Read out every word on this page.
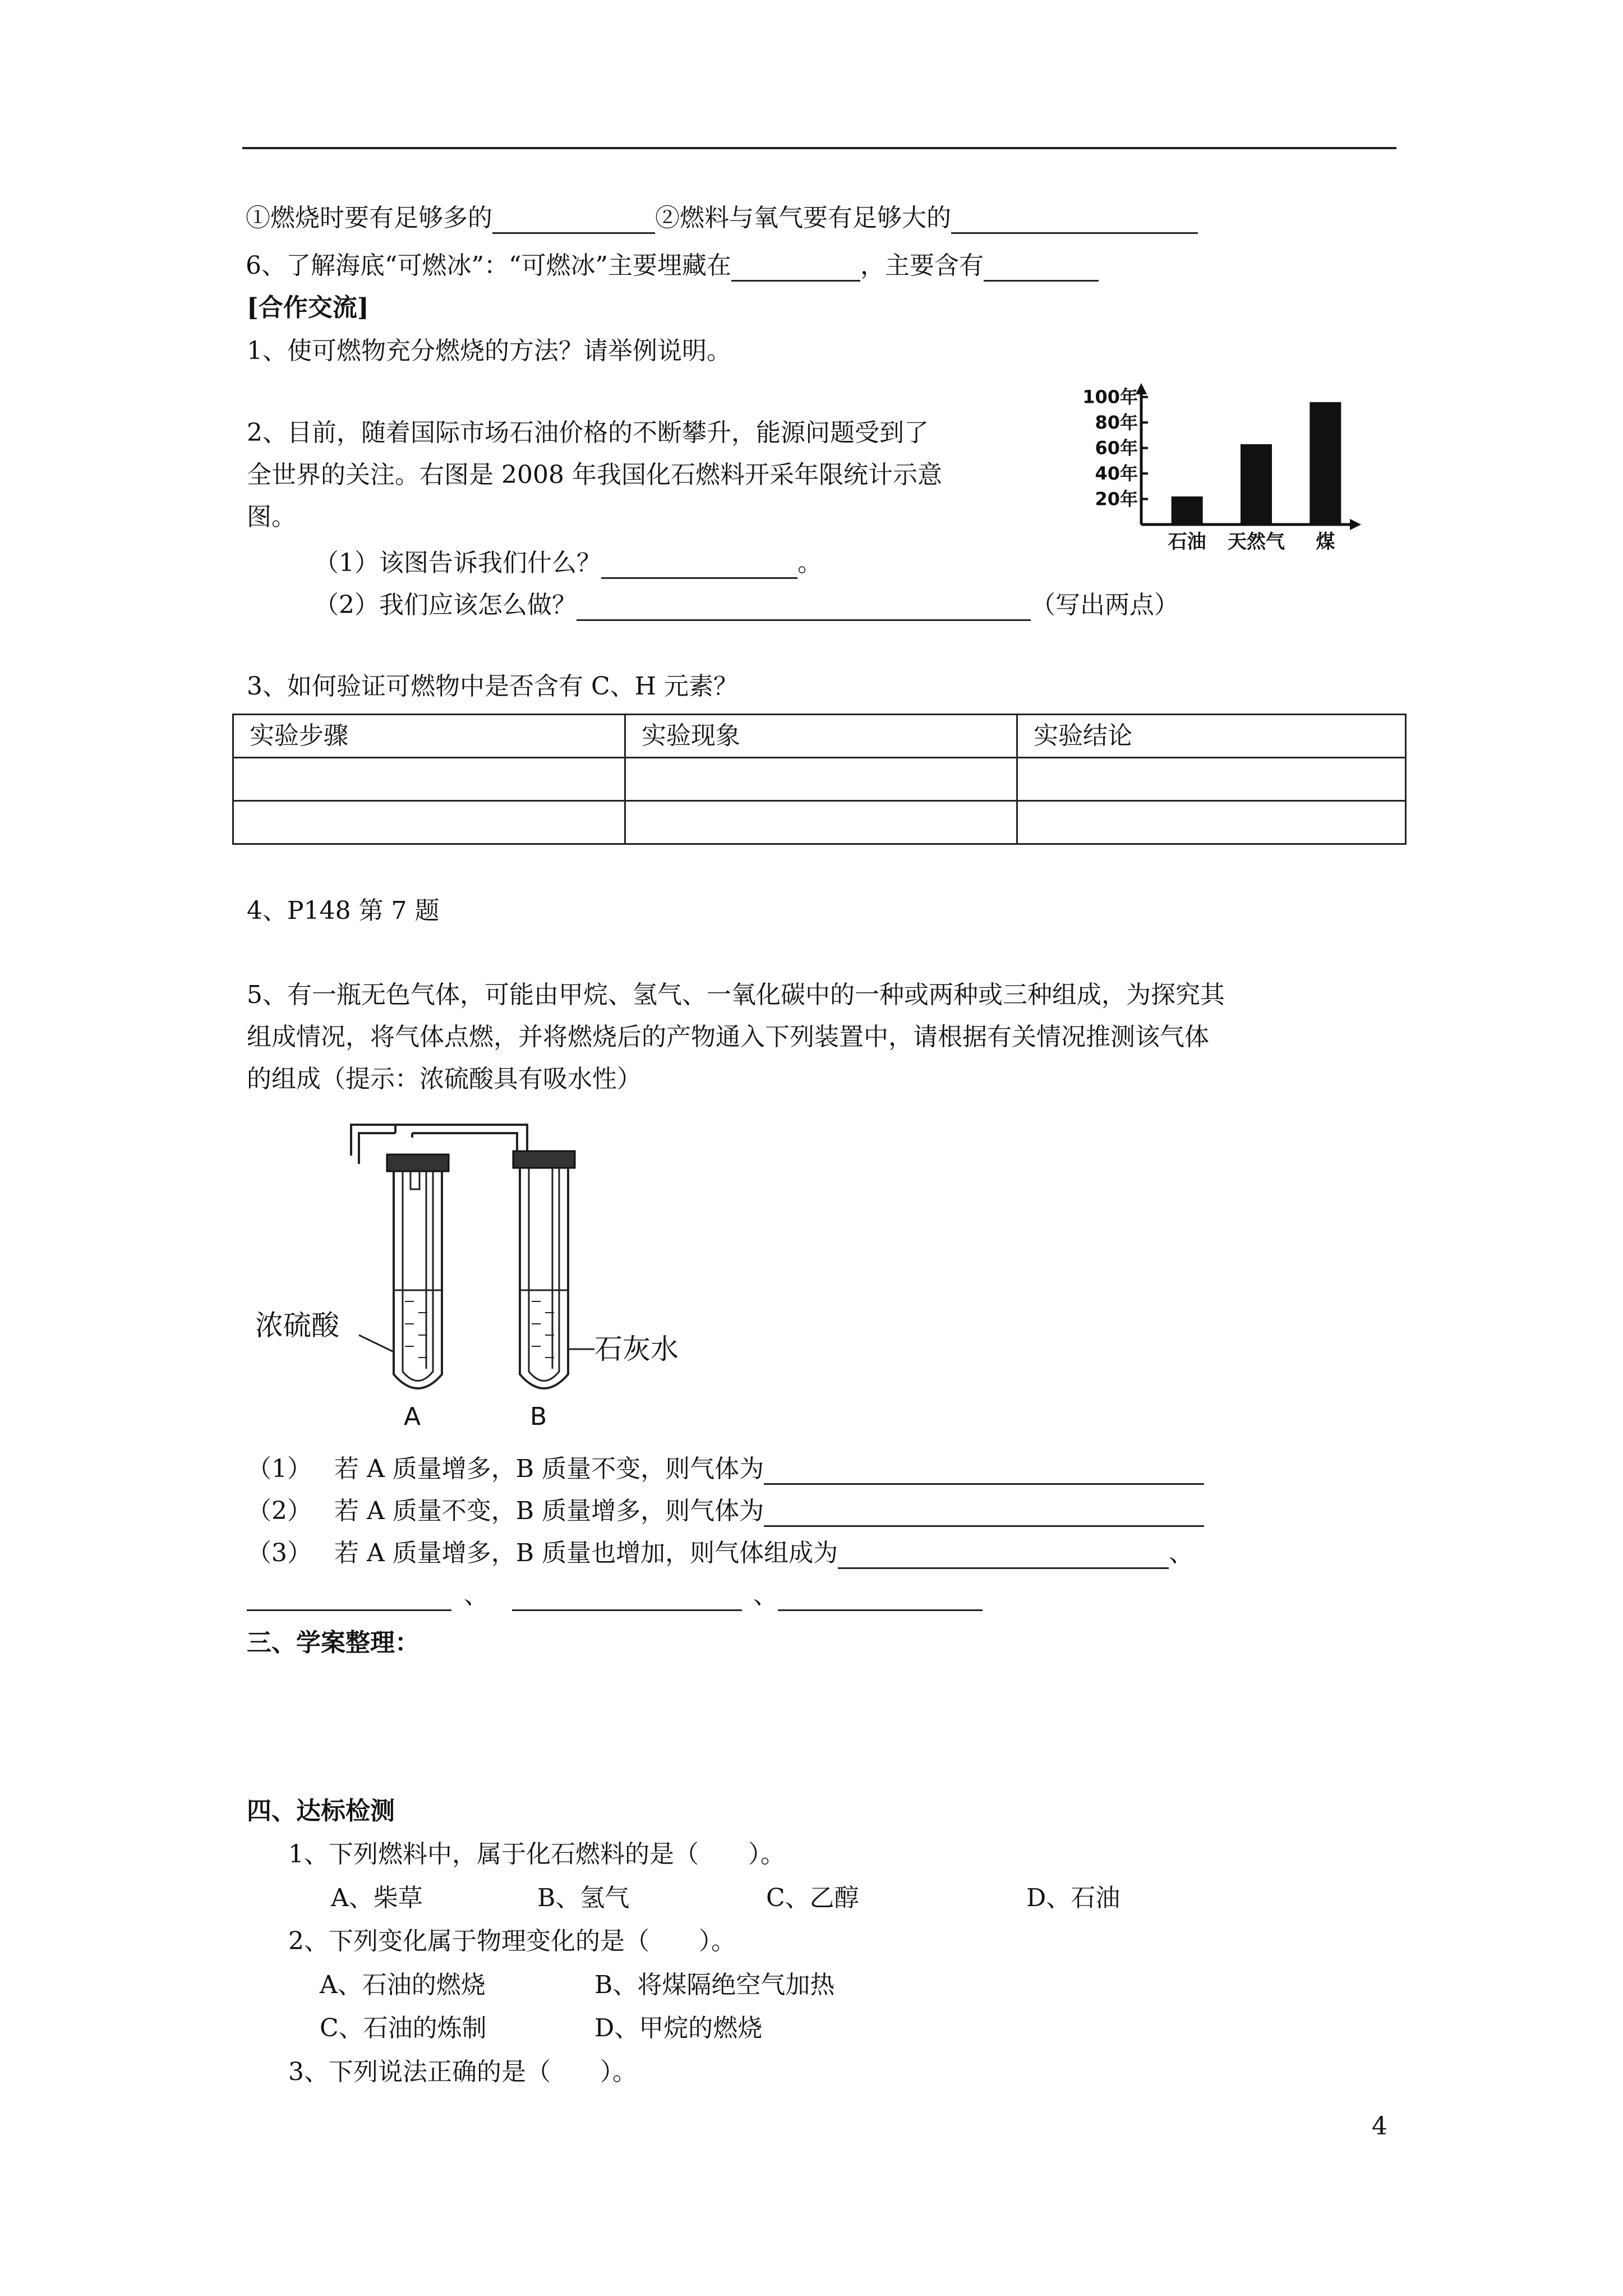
①燃烧时要有足够多的	②燃料与氧气要有足够大的
6、了解海底“可燃冰”：“可燃冰”主要埋藏在	，主要含有
[合作交流]
1、使可燃物充分燃烧的方法？请举例说明。
2、目前，随着国际市场石油价格的不断攀升，能源问题受到了
全世界的关注。右图是 2008 年我国化石燃料开采年限统计示意
图。
（1）该图告诉我们什么？	。
（2）我们应该怎么做？	（写出两点）
100年
80年
60年
40年
20年
石油 天然气 煤
3、如何验证可燃物中是否含有 C、H 元素？
实验步骤	实验现象	实验结论

4、P148 第 7 题
5、有一瓶无色气体，可能由甲烷、氢气、一氧化碳中的一种或两种或三种组成，为探究其
组成情况，将气体点燃，并将燃烧后的产物通入下列装置中，请根据有关情况推测该气体
的组成（提示：浓硫酸具有吸水性）
浓硫酸
石灰水
A	B
（1） 若 A 质量增多，B 质量不变，则气体为
（2） 若 A 质量不变，B 质量增多，则气体为
（3） 若 A 质量增多，B 质量也增加，则气体组成为	、
、	、
三、学案整理：
四、达标检测
1、下列燃料中，属于化石燃料的是（　　）。
A、柴草	B、氢气	C、乙醇	D、石油
2、下列变化属于物理变化的是（　　）。
A、石油的燃烧	B、将煤隔绝空气加热
C、石油的炼制	D、甲烷的燃烧
3、下列说法正确的是（　　）。
4
